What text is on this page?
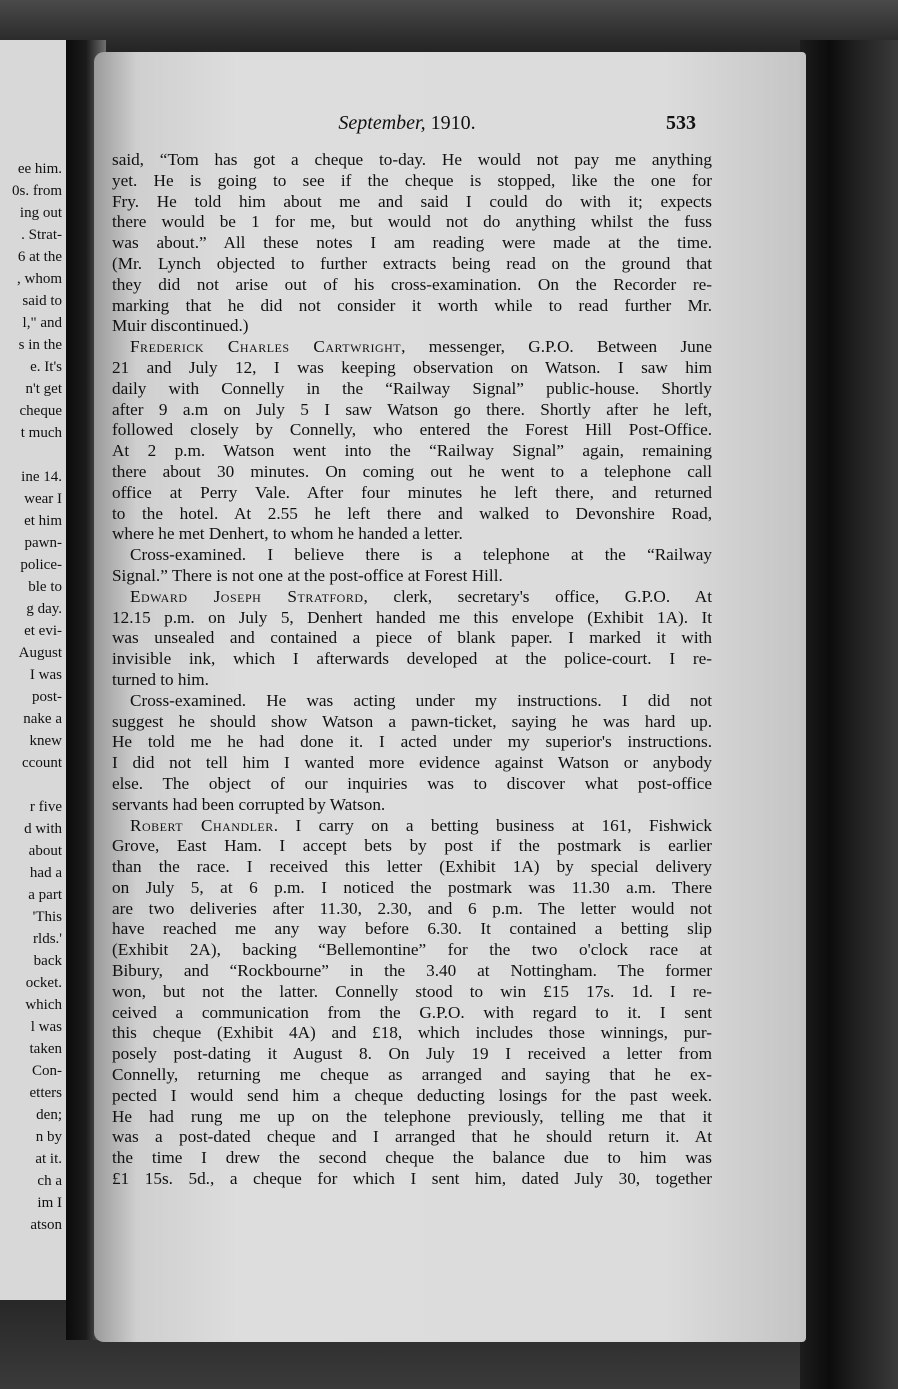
ee him.
0s. from
ing out
. Strat-
6 at the
, whom
said to
l," and
s in the
e. It's
n't get
cheque
t much
ine 14.
wear I
et him
pawn-
police-
ble to
g day.
et evi-
August
I was
post-
nake a
knew
ccount
r five
d with
about
had a
a part
'This
rlds.'
back
ocket.
which
l was
taken
Con-
etters
den;
n by
at it.
ch a
im I
atson
September, 1910.	533
said, “Tom has got a cheque to-day. He would not pay me anything
yet. He is going to see if the cheque is stopped, like the one for
Fry. He told him about me and said I could do with it; expects
there would be 1 for me, but would not do anything whilst the fuss
was about.” All these notes I am reading were made at the time.
(Mr. Lynch objected to further extracts being read on the ground that
they did not arise out of his cross-examination. On the Recorder re-
marking that he did not consider it worth while to read further Mr.
Muir discontinued.)
Frederick Charles Cartwright, messenger, G.P.O. Between June
21 and July 12, I was keeping observation on Watson. I saw him
daily with Connelly in the “Railway Signal” public-house. Shortly
after 9 a.m on July 5 I saw Watson go there. Shortly after he left,
followed closely by Connelly, who entered the Forest Hill Post-Office.
At 2 p.m. Watson went into the “Railway Signal” again, remaining
there about 30 minutes. On coming out he went to a telephone call
office at Perry Vale. After four minutes he left there, and returned
to the hotel. At 2.55 he left there and walked to Devonshire Road,
where he met Denhert, to whom he handed a letter.
Cross-examined. I believe there is a telephone at the “Railway
Signal.” There is not one at the post-office at Forest Hill.
Edward Joseph Stratford, clerk, secretary's office, G.P.O. At
12.15 p.m. on July 5, Denhert handed me this envelope (Exhibit 1A). It
was unsealed and contained a piece of blank paper. I marked it with
invisible ink, which I afterwards developed at the police-court. I re-
turned to him.
Cross-examined. He was acting under my instructions. I did not
suggest he should show Watson a pawn-ticket, saying he was hard up.
He told me he had done it. I acted under my superior's instructions.
I did not tell him I wanted more evidence against Watson or anybody
else. The object of our inquiries was to discover what post-office
servants had been corrupted by Watson.
Robert Chandler. I carry on a betting business at 161, Fishwick
Grove, East Ham. I accept bets by post if the postmark is earlier
than the race. I received this letter (Exhibit 1A) by special delivery
on July 5, at 6 p.m. I noticed the postmark was 11.30 a.m. There
are two deliveries after 11.30, 2.30, and 6 p.m. The letter would not
have reached me any way before 6.30. It contained a betting slip
(Exhibit 2A), backing “Bellemontine” for the two o'clock race at
Bibury, and “Rockbourne” in the 3.40 at Nottingham. The former
won, but not the latter. Connelly stood to win £15 17s. 1d. I re-
ceived a communication from the G.P.O. with regard to it. I sent
this cheque (Exhibit 4A) and £18, which includes those winnings, pur-
posely post-dating it August 8. On July 19 I received a letter from
Connelly, returning me cheque as arranged and saying that he ex-
pected I would send him a cheque deducting losings for the past week.
He had rung me up on the telephone previously, telling me that it
was a post-dated cheque and I arranged that he should return it. At
the time I drew the second cheque the balance due to him was
£1 15s. 5d., a cheque for which I sent him, dated July 30, together
